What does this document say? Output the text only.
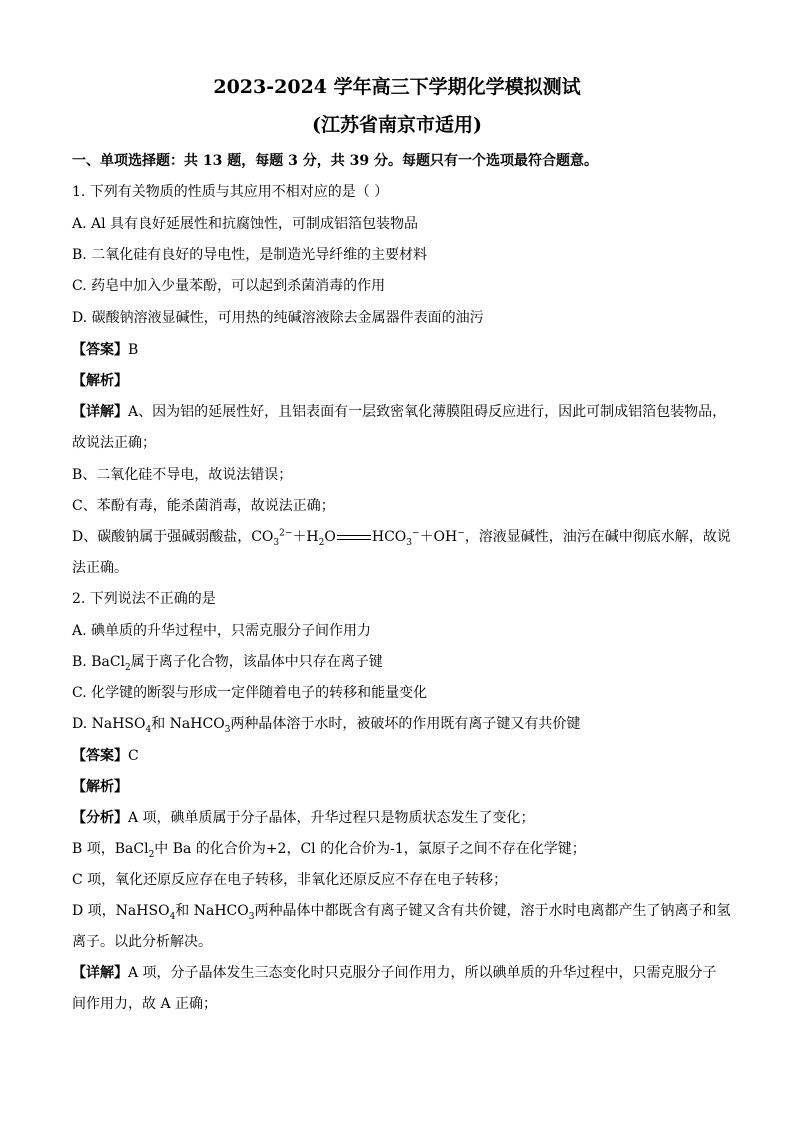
2023-2024 学年高三下学期化学模拟测试
(江苏省南京市适用)
一、单项选择题：共 13 题，每题 3 分，共 39 分。每题只有一个选项最符合题意。
1. 下列有关物质的性质与其应用不相对应的是（ ）
A. Al 具有良好延展性和抗腐蚀性，可制成铝箔包装物品
B. 二氧化硅有良好的导电性，是制造光导纤维的主要材料
C. 药皂中加入少量苯酚，可以起到杀菌消毒的作用
D. 碳酸钠溶液显碱性，可用热的纯碱溶液除去金属器件表面的油污
【答案】B
【解析】
【详解】A、因为铝的延展性好，且铝表面有一层致密氧化薄膜阻碍反应进行，因此可制成铝箔包装物品，
故说法正确；
B、二氧化硅不导电，故说法错误；
C、苯酚有毒，能杀菌消毒，故说法正确；
D、碳酸钠属于强碱弱酸盐，$CO_3^{2-}+H_2O$	$HCO_3^-+OH^-$，溶液显碱性，油污在碱中彻底水解，故说
法正确。
2. 下列说法不正确的是
A. 碘单质的升华过程中，只需克服分子间作用力
B. BaCl$_2$属于离子化合物，该晶体中只存在离子键
C. 化学键的断裂与形成一定伴随着电子的转移和能量变化
D. NaHSO$_4$和 NaHCO$_3$两种晶体溶于水时，被破坏的作用既有离子键又有共价键
【答案】C
【解析】
【分析】A 项，碘单质属于分子晶体，升华过程只是物质状态发生了变化；
B 项，BaCl$_2$中 Ba 的化合价为+2，Cl 的化合价为-1，氯原子之间不存在化学键；
C 项，氧化还原反应存在电子转移，非氧化还原反应不存在电子转移；
D 项，NaHSO$_4$和 NaHCO$_3$两种晶体中都既含有离子键又含有共价键，溶于水时电离都产生了钠离子和氢
离子。以此分析解决。
【详解】A 项，分子晶体发生三态变化时只克服分子间作用力，所以碘单质的升华过程中，只需克服分子
间作用力，故 A 正确；
